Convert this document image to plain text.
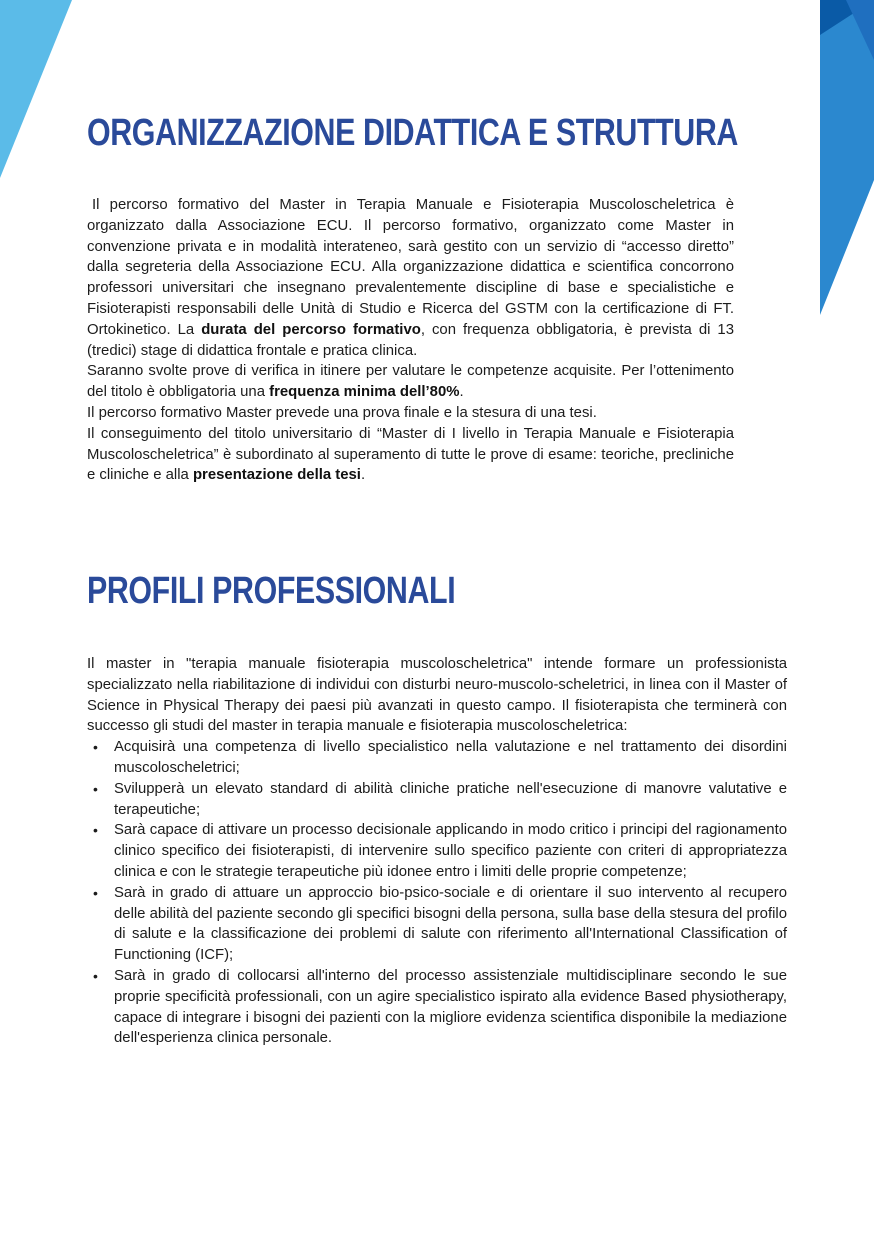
ORGANIZZAZIONE DIDATTICA E STRUTTURA

Il percorso formativo del Master in Terapia Manuale e Fisioterapia Muscoloscheletrica è organizzato dalla Associazione ECU. Il percorso formativo, organizzato come Master in convenzione privata e in modalità interateneo, sarà gestito con un servizio di “accesso diretto” dalla segreteria della Associazione ECU. Alla organizzazione didattica e scientifica concorrono professori universitari che insegnano prevalentemente discipline di base e specialistiche e Fisioterapisti responsabili delle Unità di Studio e Ricerca del GSTM con la certificazione di FT. Ortokinetico. La durata del percorso formativo, con frequenza obbligatoria, è prevista di 13 (tredici) stage di didattica frontale e pratica clinica.

Saranno svolte prove di verifica in itinere per valutare le competenze acquisite. Per l’ottenimento del titolo è obbligatoria una frequenza minima dell’80%.

Il percorso formativo Master prevede una prova finale e la stesura di una tesi.

Il conseguimento del titolo universitario di “Master di I livello in Terapia Manuale e Fisioterapia Muscoloscheletrica” è subordinato al superamento di tutte le prove di esame: teoriche, precliniche e cliniche e alla presentazione della tesi.

PROFILI PROFESSIONALI

Il master in "terapia manuale fisioterapia muscoloscheletrica" intende formare un professionista specializzato nella riabilitazione di individui con disturbi neuro-muscolo-scheletrici, in linea con il Master of Science in Physical Therapy dei paesi più avanzati in questo campo. Il fisioterapista che terminerà con successo gli studi del master in terapia manuale e fisioterapia muscoloscheletrica:

• Acquisirà una competenza di livello specialistico nella valutazione e nel trattamento dei disordini muscoloscheletrici;
• Svilupperà un elevato standard di abilità cliniche pratiche nell'esecuzione di manovre valutative e terapeutiche;
• Sarà capace di attivare un processo decisionale applicando in modo critico i principi del ragionamento clinico specifico dei fisioterapisti, di intervenire sullo specifico paziente con criteri di appropriatezza clinica e con le strategie terapeutiche più idonee entro i limiti delle proprie competenze;
• Sarà in grado di attuare un approccio bio-psico-sociale e di orientare il suo intervento al recupero delle abilità del paziente secondo gli specifici bisogni della persona, sulla base della stesura del profilo di salute e la classificazione dei problemi di salute con riferimento all'International Classification of Functioning (ICF);
• Sarà in grado di collocarsi all'interno del processo assistenziale multidisciplinare secondo le sue proprie specificità professionali, con un agire specialistico ispirato alla evidence Based physiotherapy, capace di integrare i bisogni dei pazienti con la migliore evidenza scientifica disponibile la mediazione dell'esperienza clinica personale.
